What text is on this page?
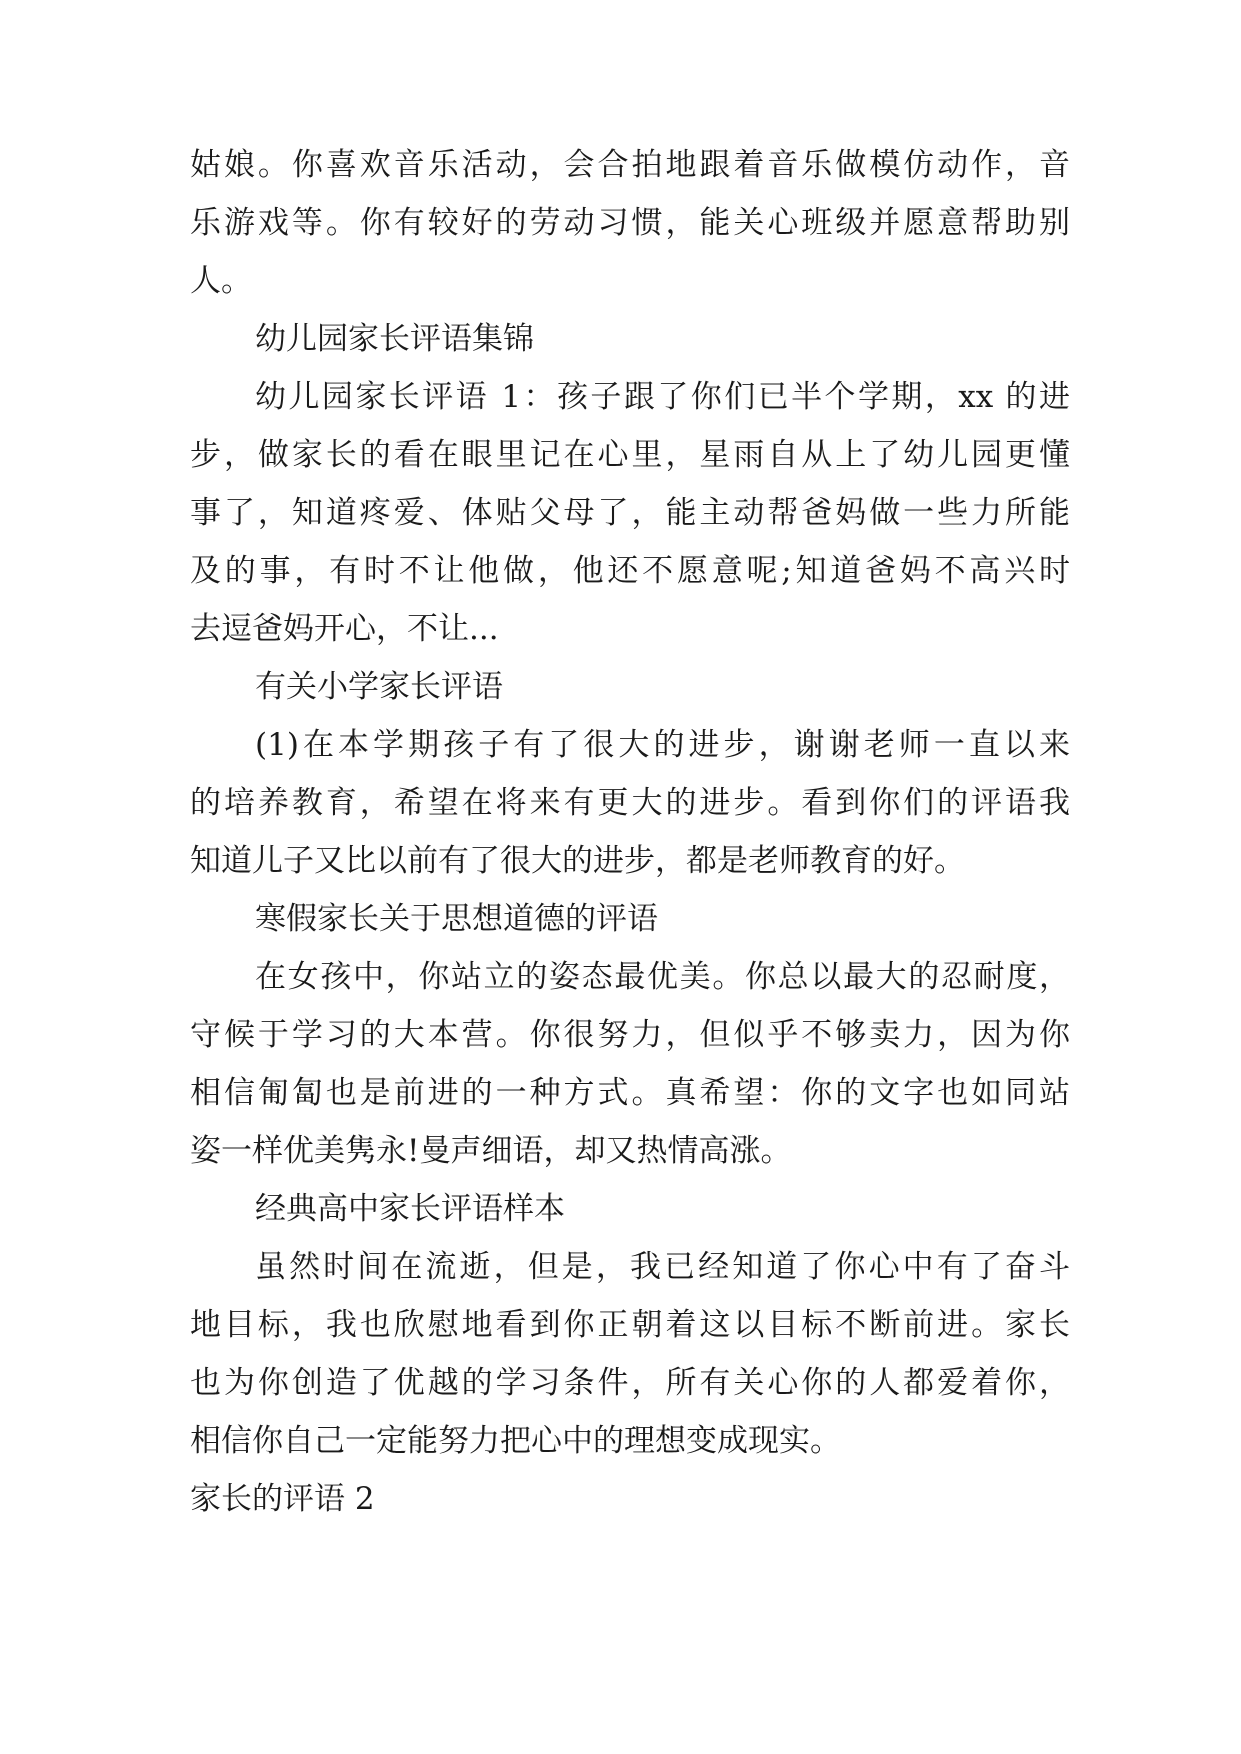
姑娘。你喜欢音乐活动，会合拍地跟着音乐做模仿动作，音
乐游戏等。你有较好的劳动习惯，能关心班级并愿意帮助别
人。
幼儿园家长评语集锦
幼儿园家长评语 1：孩子跟了你们已半个学期，xx 的进
步，做家长的看在眼里记在心里，星雨自从上了幼儿园更懂
事了，知道疼爱、体贴父母了，能主动帮爸妈做一些力所能
及的事，有时不让他做，他还不愿意呢;知道爸妈不高兴时
去逗爸妈开心，不让...
有关小学家长评语
(1)在本学期孩子有了很大的进步，谢谢老师一直以来
的培养教育，希望在将来有更大的进步。看到你们的评语我
知道儿子又比以前有了很大的进步，都是老师教育的好。
寒假家长关于思想道德的评语
在女孩中，你站立的姿态最优美。你总以最大的忍耐度，
守候于学习的大本营。你很努力，但似乎不够卖力，因为你
相信匍匐也是前进的一种方式。真希望：你的文字也如同站
姿一样优美隽永!曼声细语，却又热情高涨。
经典高中家长评语样本
虽然时间在流逝，但是，我已经知道了你心中有了奋斗
地目标，我也欣慰地看到你正朝着这以目标不断前进。家长
也为你创造了优越的学习条件，所有关心你的人都爱着你，
相信你自己一定能努力把心中的理想变成现实。
家长的评语 2
